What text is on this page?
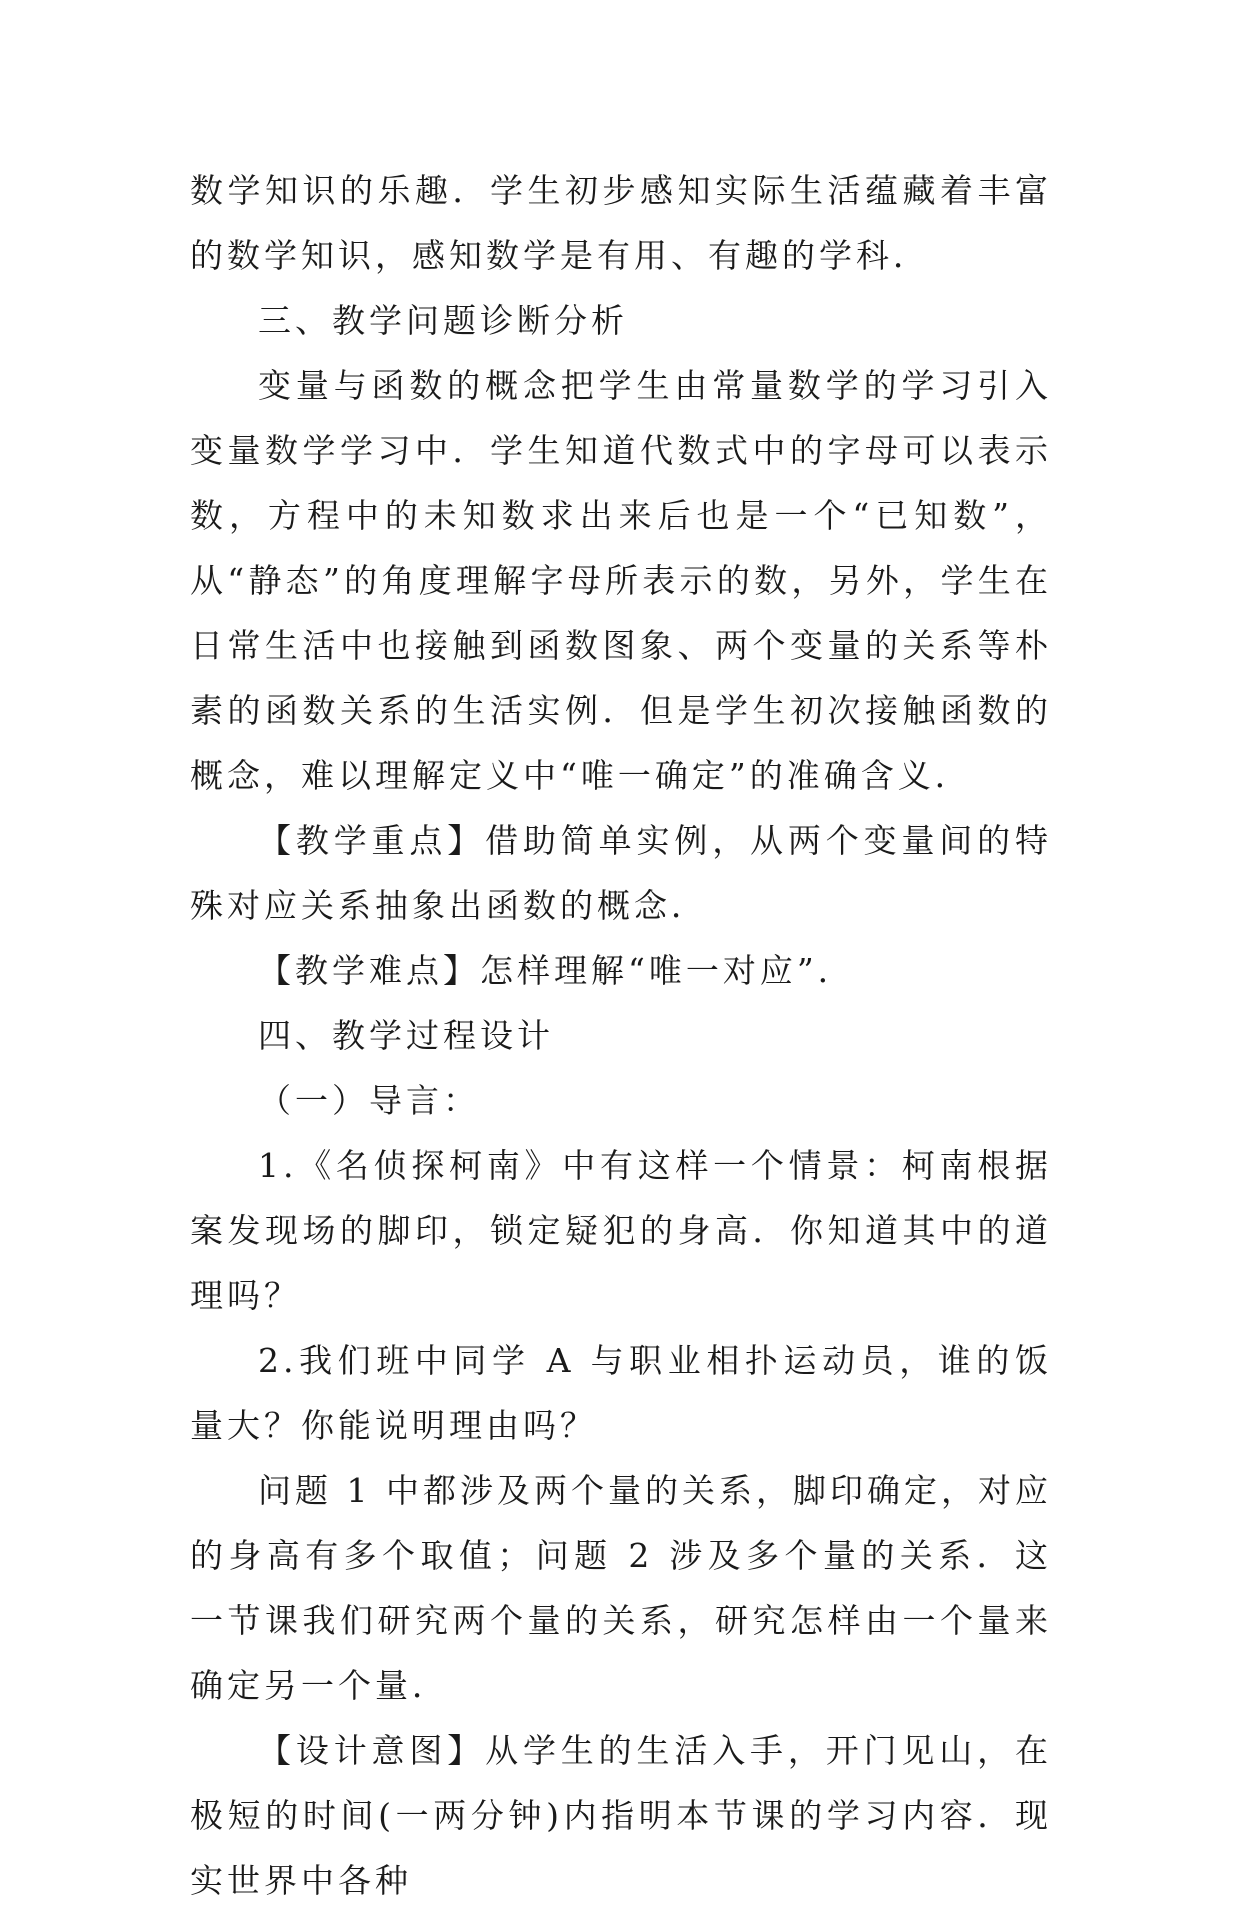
数学知识的乐趣．学生初步感知实际生活蕴藏着丰富的数学知识，感知数学是有用、有趣的学科．

三、教学问题诊断分析

变量与函数的概念把学生由常量数学的学习引入变量数学学习中．学生知道代数式中的字母可以表示数，方程中的未知数求出来后也是一个“已知数”，从“静态”的角度理解字母所表示的数，另外，学生在日常生活中也接触到函数图象、两个变量的关系等朴素的函数关系的生活实例．但是学生初次接触函数的概念，难以理解定义中“唯一确定”的准确含义．

【教学重点】借助简单实例，从两个变量间的特殊对应关系抽象出函数的概念．

【教学难点】怎样理解“唯一对应”．

四、教学过程设计

（一）导言：

1.《名侦探柯南》中有这样一个情景：柯南根据案发现场的脚印，锁定疑犯的身高．你知道其中的道理吗？

2.我们班中同学 A 与职业相扑运动员，谁的饭量大？你能说明理由吗？

问题 1 中都涉及两个量的关系，脚印确定，对应的身高有多个取值；问题 2 涉及多个量的关系．这一节课我们研究两个量的关系，研究怎样由一个量来确定另一个量．

【设计意图】从学生的生活入手，开门见山，在极短的时间(一两分钟)内指明本节课的学习内容．现实世界中各种
